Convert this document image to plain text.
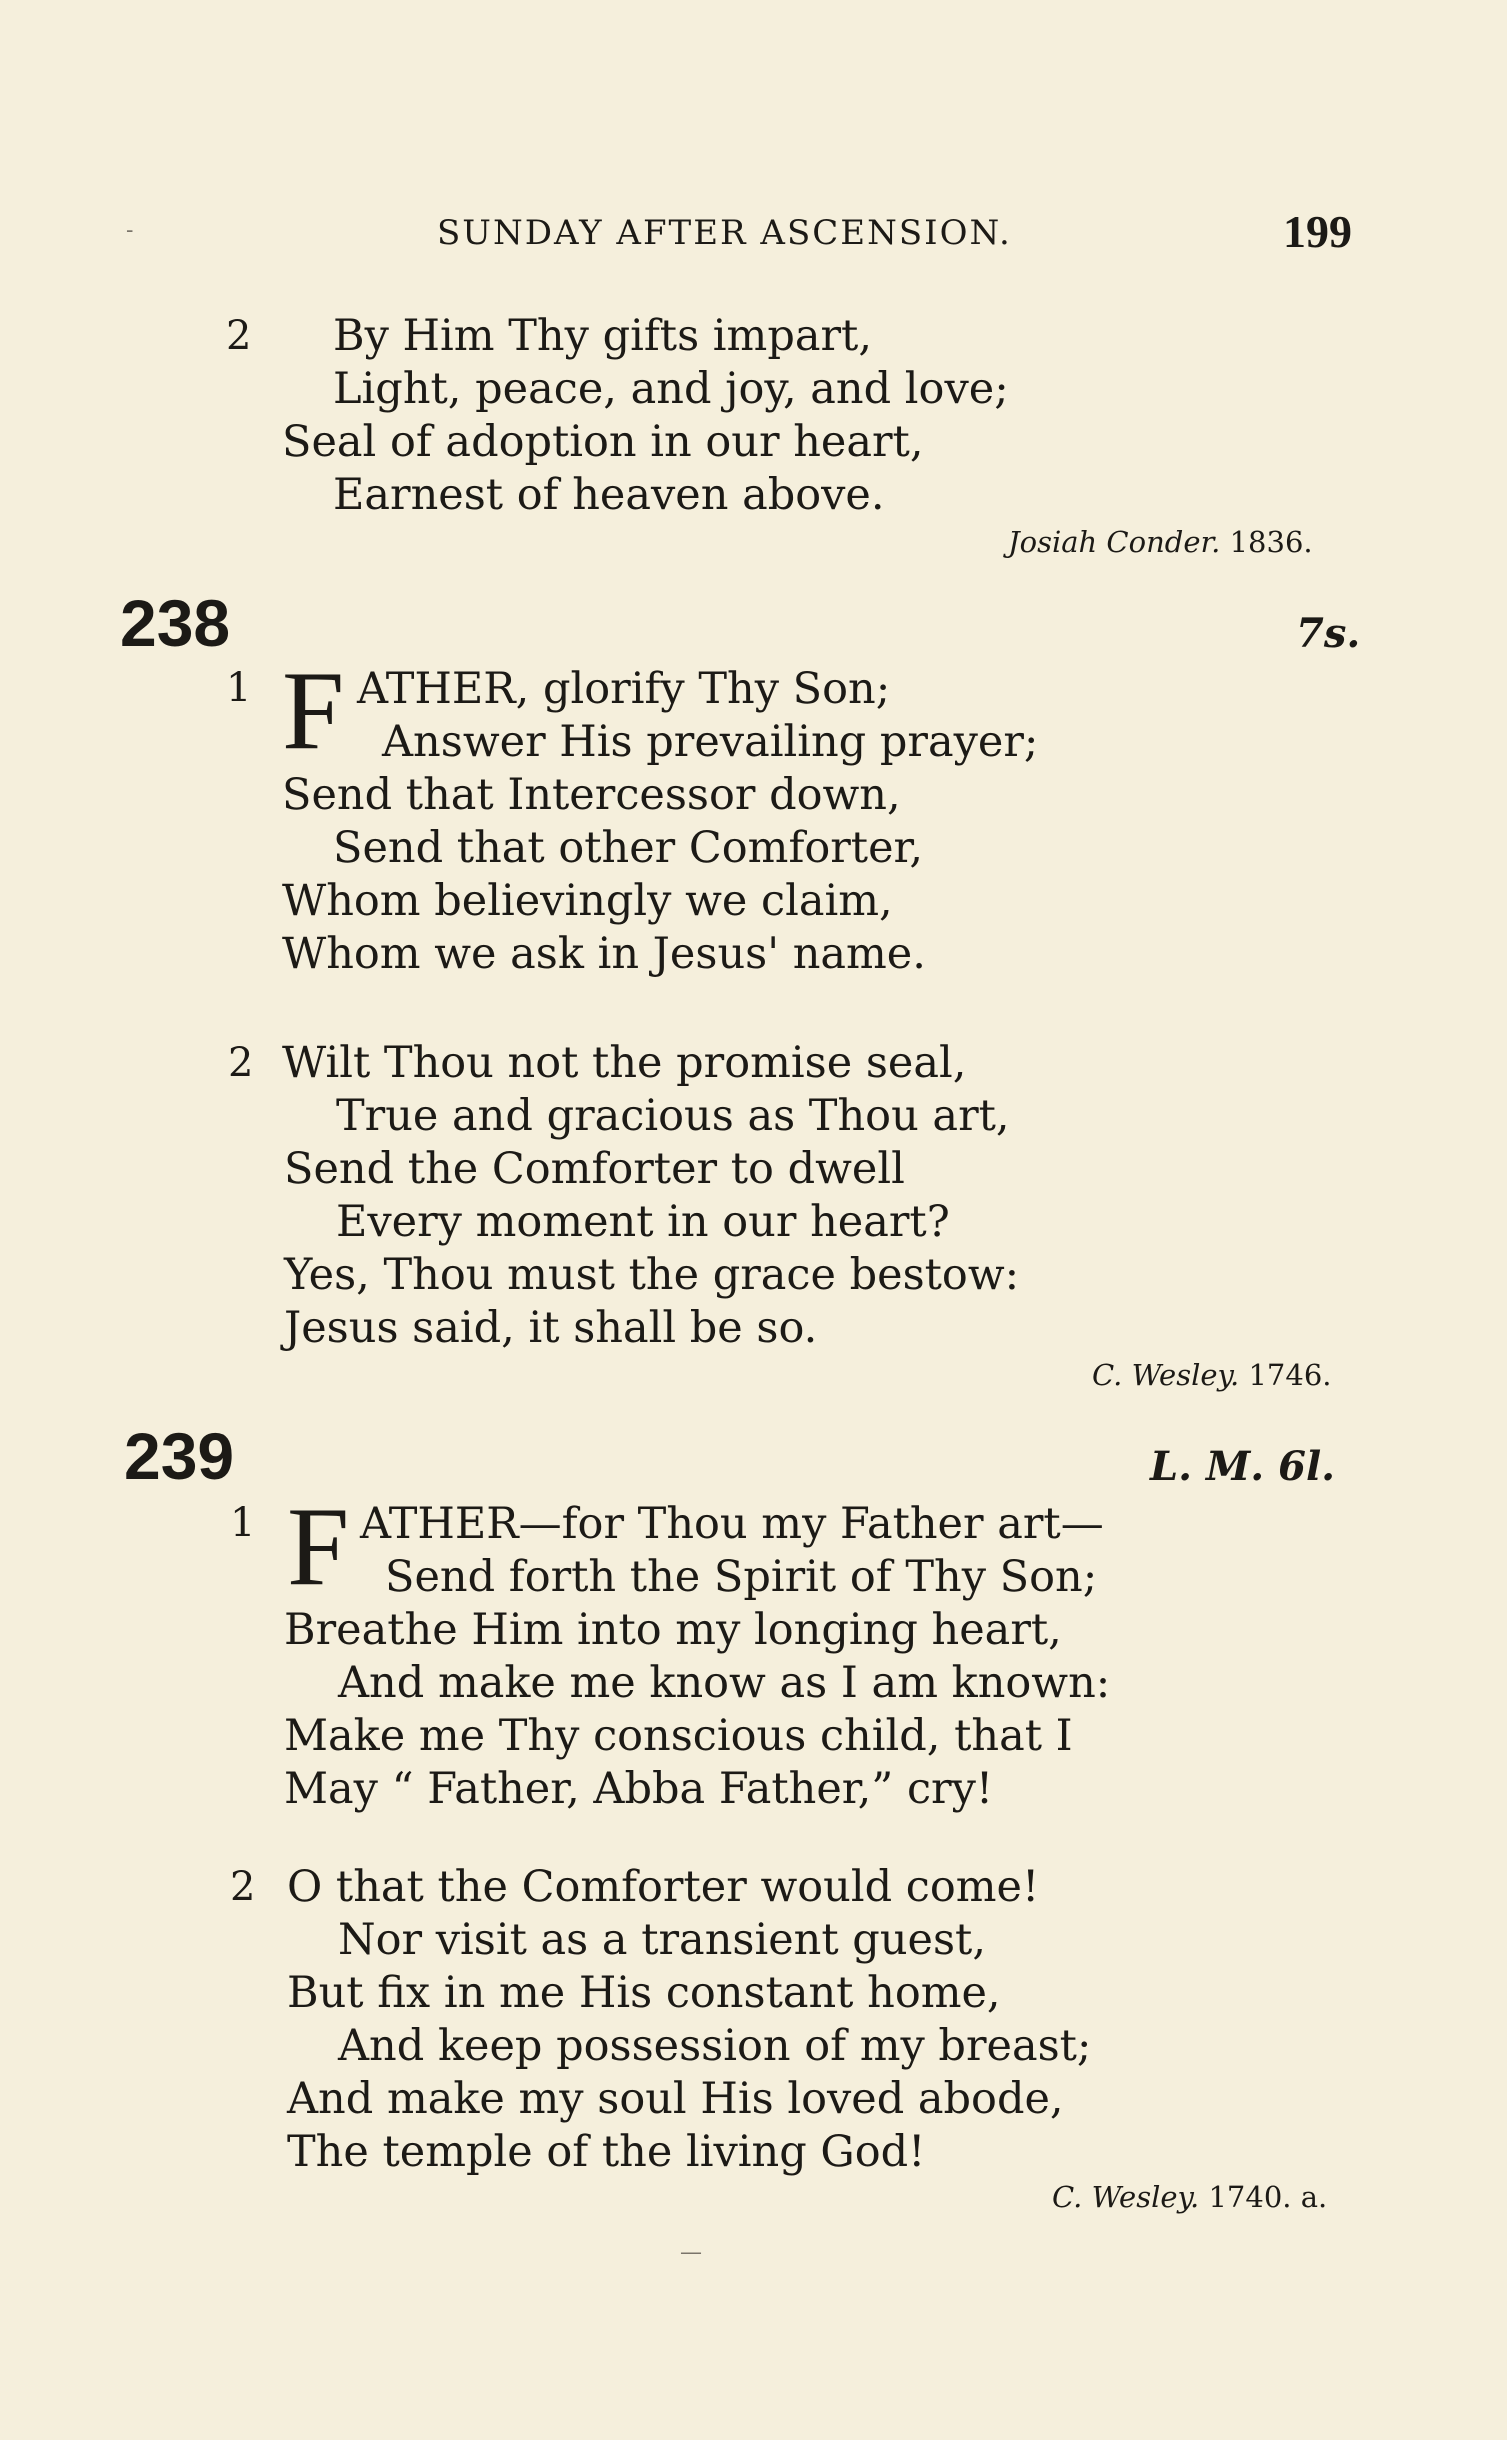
SUNDAY AFTER ASCENSION.	199
2 By Him Thy gifts impart,
Light, peace, and joy, and love;
Seal of adoption in our heart,
Earnest of heaven above.
Josiah Conder. 1836.
238	7s.
1 F ATHER, glorify Thy Son;
Answer His prevailing prayer;
Send that Intercessor down,
Send that other Comforter,
Whom believingly we claim,
Whom we ask in Jesus' name.
2 Wilt Thou not the promise seal,
True and gracious as Thou art,
Send the Comforter to dwell
Every moment in our heart?
Yes, Thou must the grace bestow:
Jesus said, it shall be so.
C. Wesley. 1746.
239	L. M. 6l.
1 F ATHER—for Thou my Father art—
Send forth the Spirit of Thy Son;
Breathe Him into my longing heart,
And make me know as I am known:
Make me Thy conscious child, that I
May “ Father, Abba Father,” cry!
2 O that the Comforter would come!
Nor visit as a transient guest,
But fix in me His constant home,
And keep possession of my breast;
And make my soul His loved abode,
The temple of the living God!
C. Wesley. 1740. a.
-
—
